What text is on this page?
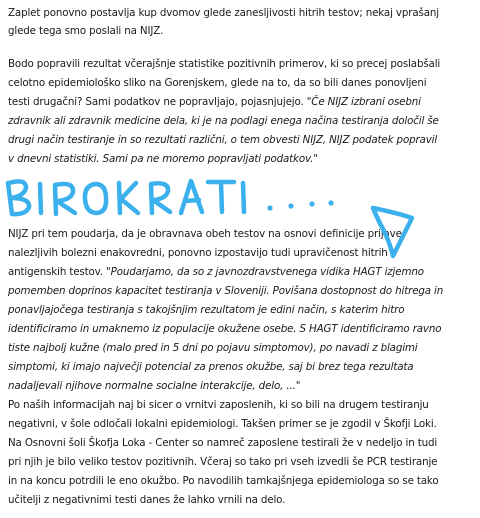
Zaplet ponovno postavlja kup dvomov glede zanesljivosti hitrih testov; nekaj vprašanj
glede tega smo poslali na NIJZ.
Bodo popravili rezultat včerajšnje statistike pozitivnih primerov, ki so precej poslabšali
celotno epidemiološko sliko na Gorenjskem, glede na to, da so bili danes ponovljeni
testi drugačni? Sami podatkov ne popravljajo, pojasnjujejo. "Če NIJZ izbrani osebni
zdravnik ali zdravnik medicine dela, ki je na podlagi enega načina testiranja določil še
drugi način testiranje in so rezultati različni, o tem obvesti NIJZ, NIJZ podatek popravil
v dnevni statistiki. Sami pa ne moremo popravljati podatkov."
NIJZ pri tem poudarja, da je obravnava obeh testov na osnovi definicije prijave
nalezljivih bolezni enakovredni, ponovno izpostavijo tudi upravičenost hitrih
antigenskih testov. "Poudarjamo, da so z javnozdravstvenega vidika HAGT izjemno
pomemben doprinos kapacitet testiranja v Sloveniji. Povišana dostopnost do hitrega in
ponavljajočega testiranja s takojšnjim rezultatom je edini način, s katerim hitro
identificiramo in umaknemo iz populacije okužene osebe. S HAGT identificiramo ravno
tiste najbolj kužne (malo pred in 5 dni po pojavu simptomov), po navadi z blagimi
simptomi, ki imajo največji potencial za prenos okužbe, saj bi brez tega rezultata
nadaljevali njihove normalne socialne interakcije, delo, ..."
Po naših informacijah naj bi sicer o vrnitvi zaposlenih, ki so bili na drugem testiranju
negativni, v šole odločali lokalni epidemiologi. Takšen primer se je zgodil v Škofji Loki.
Na Osnovni šoli Škofja Loka - Center so namreč zaposlene testirali že v nedeljo in tudi
pri njih je bilo veliko testov pozitivnih. Včeraj so tako pri vseh izvedli še PCR testiranje
in na koncu potrdili le eno okužbo. Po navodilih tamkajšnjega epidemiologa so se tako
učitelji z negativnimi testi danes že lahko vrnili na delo.
